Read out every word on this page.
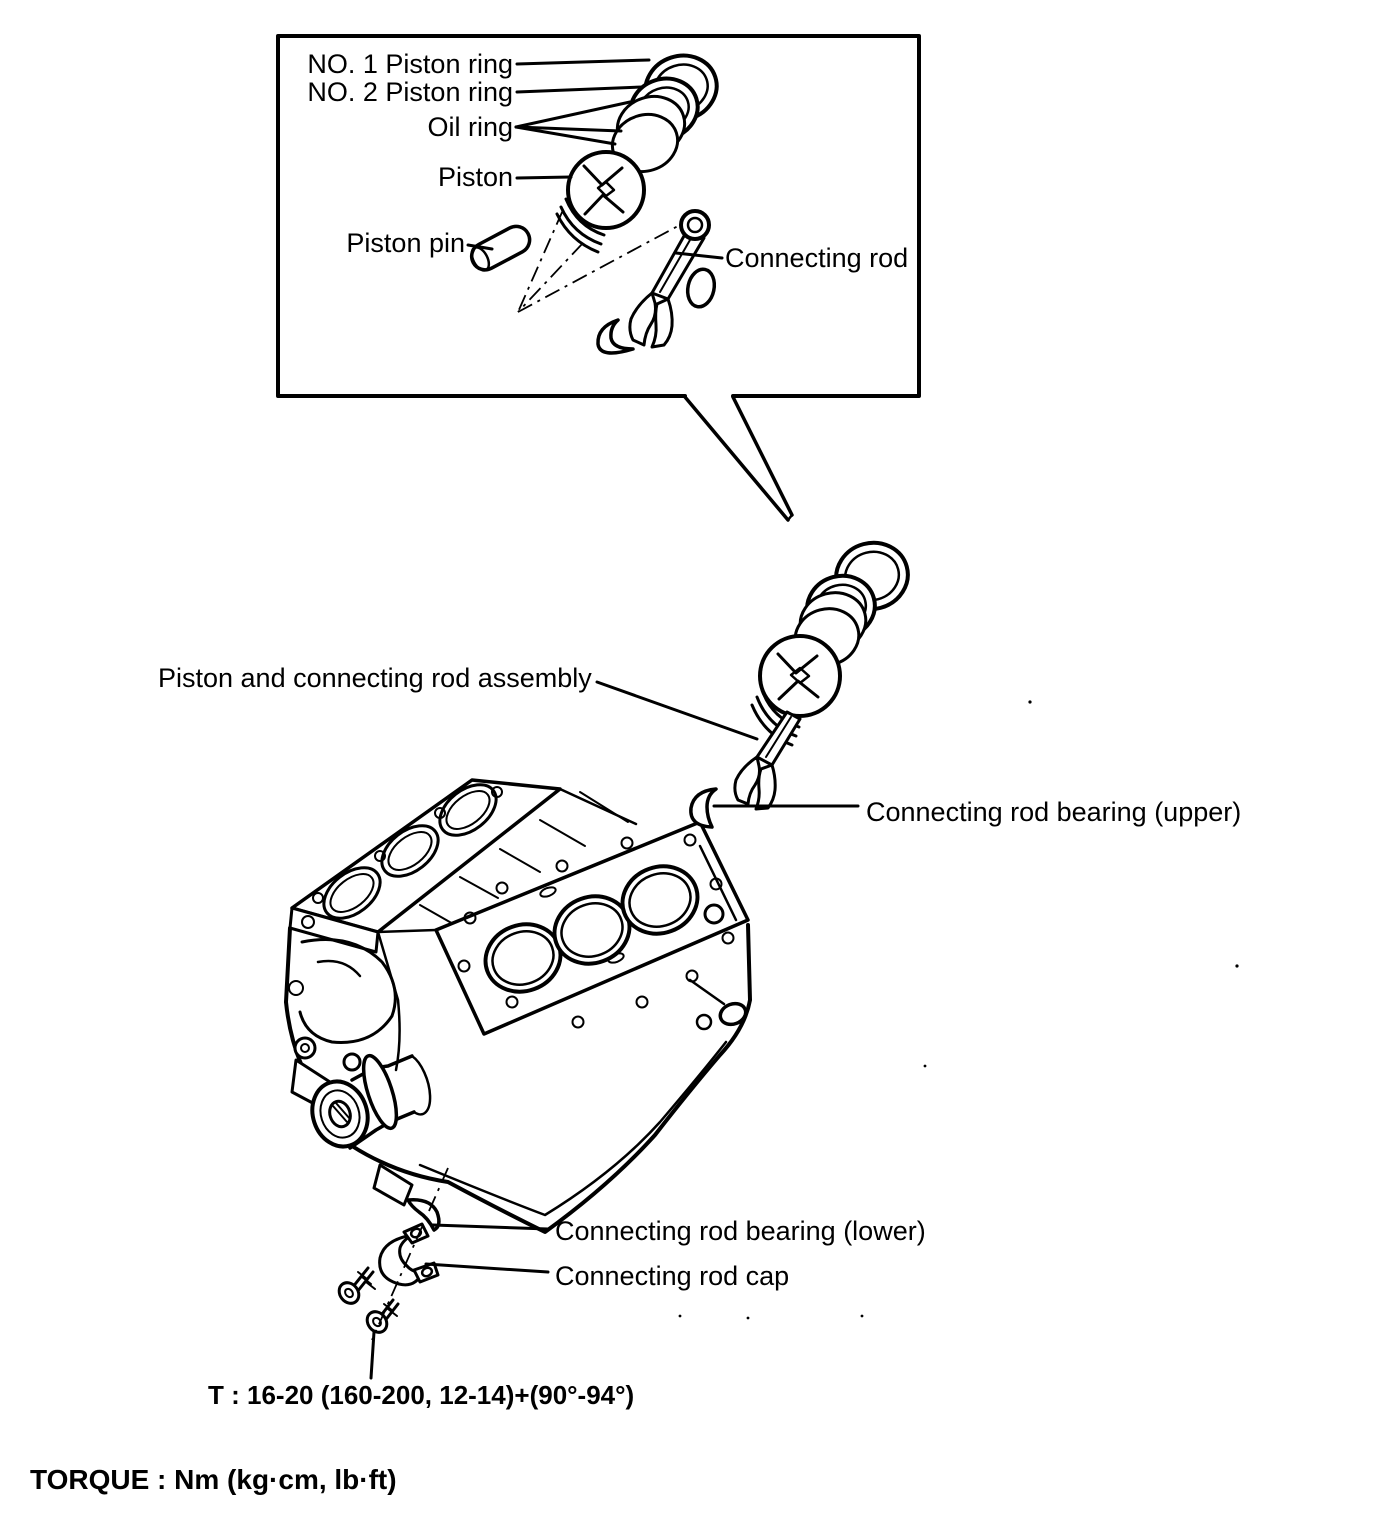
NO. 1 Piston ring
NO. 2 Piston ring
Oil ring
Piston
Piston pin	Connecting rod
Piston and connecting rod assembly
Connecting rod bearing (upper)
Connecting rod bearing (lower)
Connecting rod cap
T : 16-20 (160-200, 12-14)+(90°-94°)
TORQUE : Nm (kg·cm, lb·ft)
